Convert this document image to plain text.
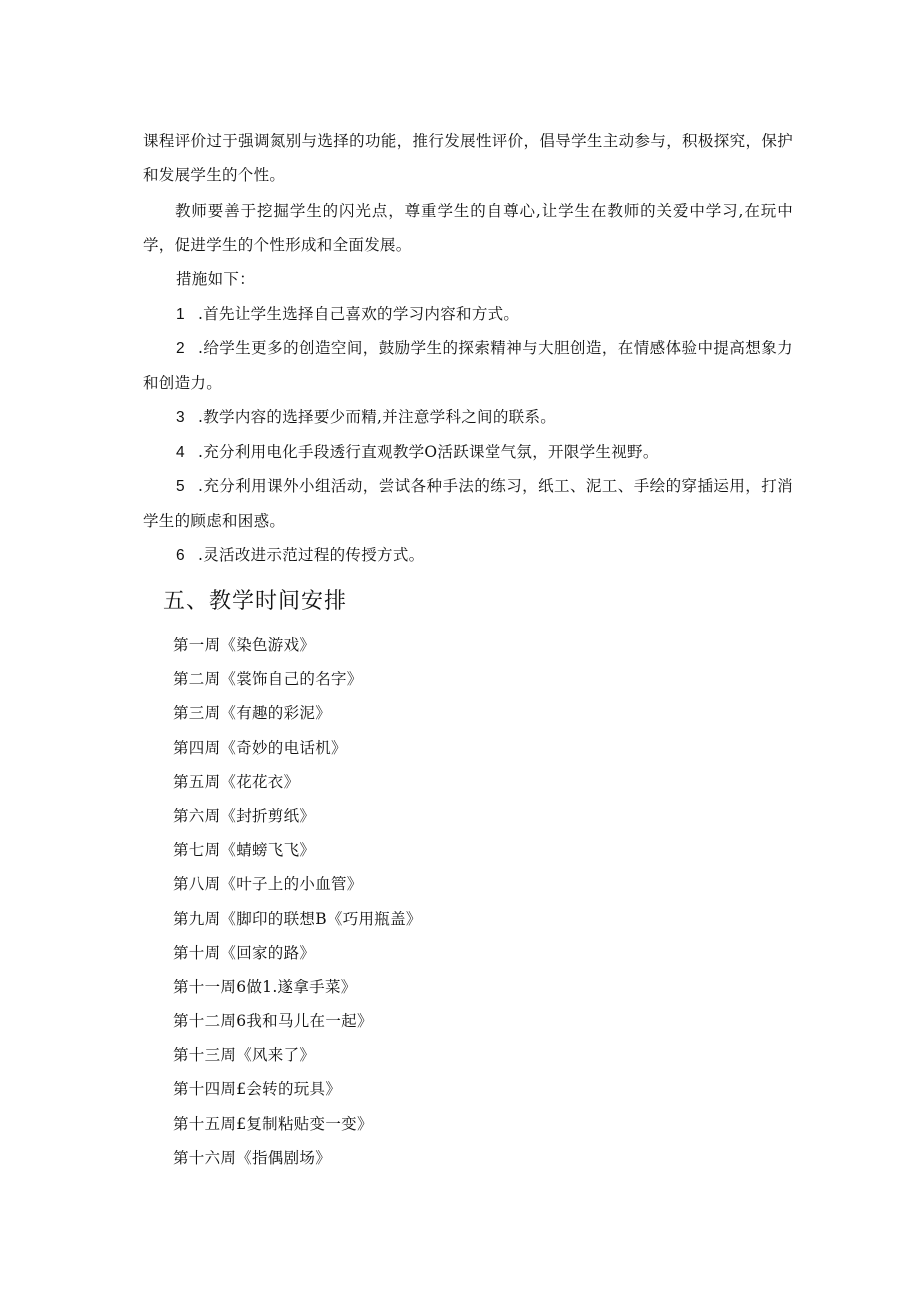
课程评价过于强调氮别与选择的功能，推行发展性评价，倡导学生主动参与，积极探究，保护和发展学生的个性。

教师要善于挖掘学生的闪光点，尊重学生的自尊心,让学生在教师的关爱中学习,在玩中学，促进学生的个性形成和全面发展。

措施如下：

1 .首先让学生选择自己喜欢的学习内容和方式。

2 .给学生更多的创造空间，鼓励学生的探索精神与大胆创造，在情感体验中提高想象力和创造力。

3 .教学内容的选择要少而精,并注意学科之间的联系。

4 .充分利用电化手段透行直观教学O活跃课堂气氛，开限学生视野。

5 .充分利用课外小组活动，尝试各种手法的练习，纸工、泥工、手绘的穿插运用，打消学生的顾虑和困惑。

6 .灵活改进示范过程的传授方式。

五、教学时间安排
第一周《染色游戏》
第二周《裳饰自己的名字》
第三周《有趣的彩泥》
第四周《奇妙的电话机》
第五周《花花衣》
第六周《封折剪纸》
第七周《蜻螃飞飞》
第八周《叶子上的小血管》
第九周《脚印的联想B《巧用瓶盖》
第十周《回家的路》
第十一周6做1.遂拿手菜》
第十二周6我和马儿在一起》
第十三周《风来了》
第十四周£会转的玩具》
第十五周£复制粘贴变一变》
第十六周《指偶剧场》
